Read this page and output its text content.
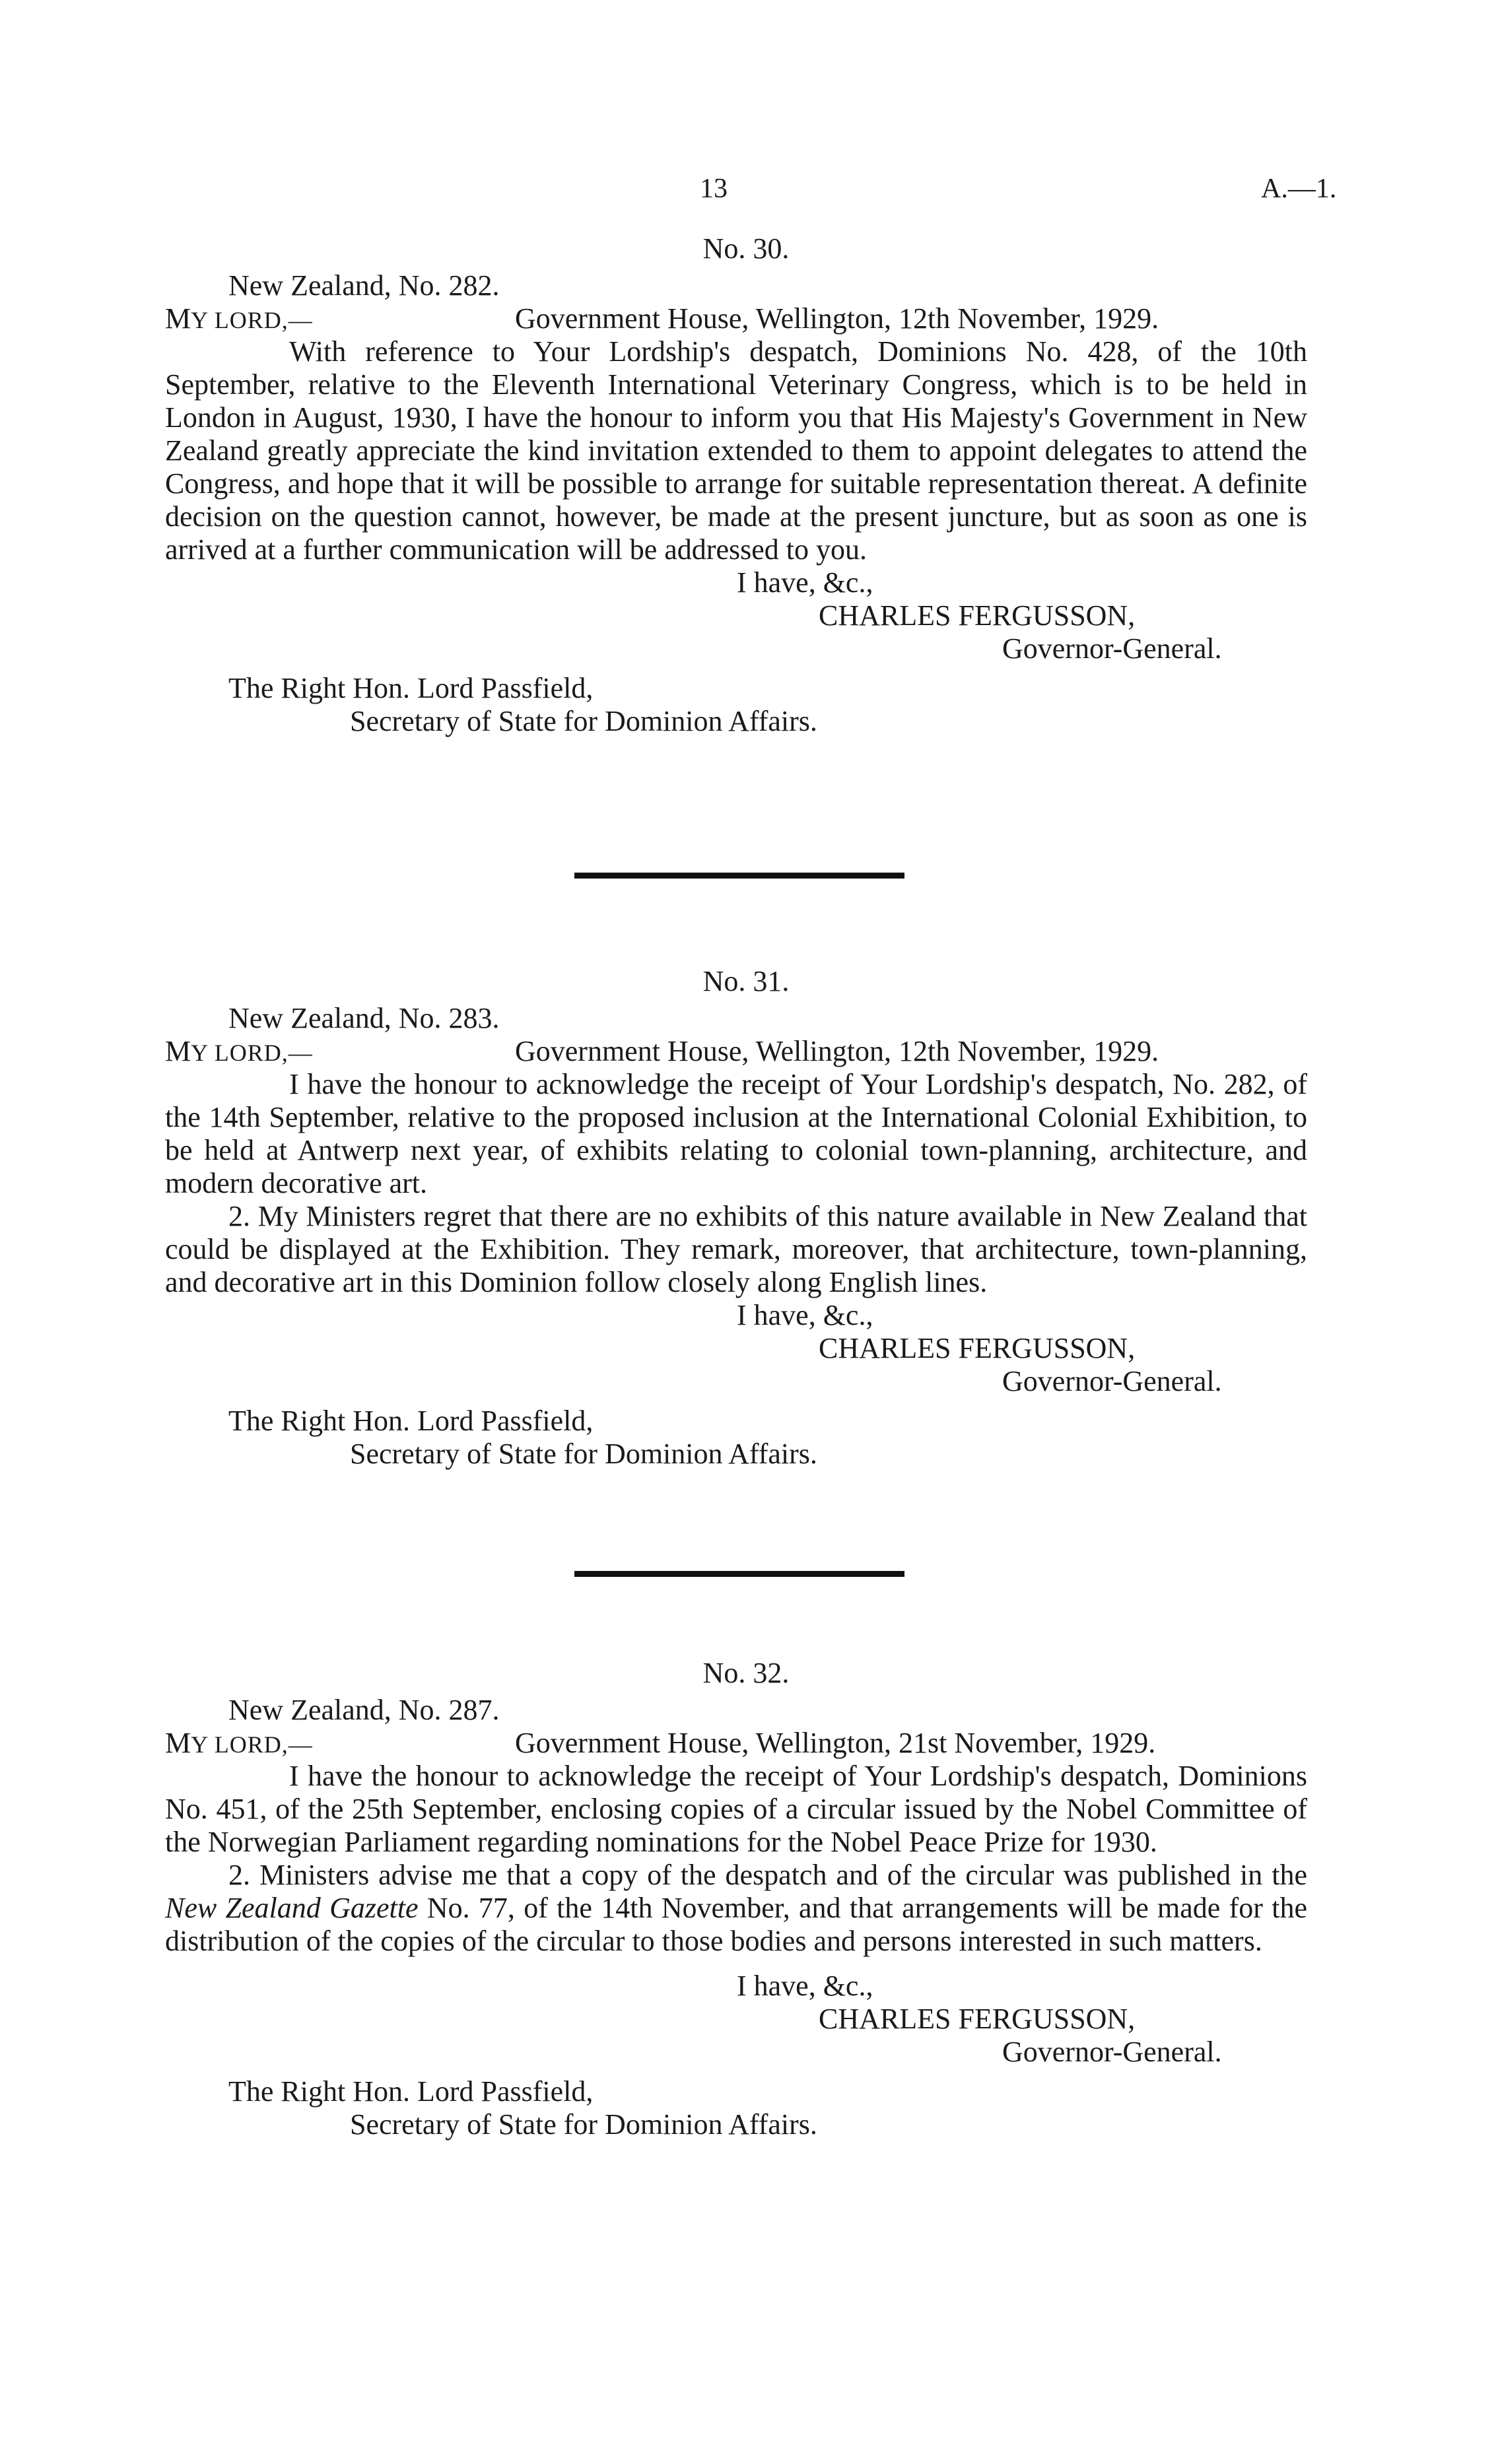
13	A.—1.
No. 30.
New Zealand, No. 282.
MY LORD,—	Government House, Wellington, 12th November, 1929.

With reference to Your Lordship's despatch, Dominions No. 428, of the 10th September, relative to the Eleventh International Veterinary Congress, which is to be held in London in August, 1930, I have the honour to inform you that His Majesty's Government in New Zealand greatly appreciate the kind invitation extended to them to appoint delegates to attend the Congress, and hope that it will be possible to arrange for suitable representation thereat. A definite decision on the question cannot, however, be made at the present juncture, but as soon as one is arrived at a further communication will be addressed to you.

I have, &c.,
CHARLES FERGUSSON,
Governor-General.
The Right Hon. Lord Passfield,
Secretary of State for Dominion Affairs.
No. 31.
New Zealand, No. 283.
MY LORD,—	Government House, Wellington, 12th November, 1929.

I have the honour to acknowledge the receipt of Your Lordship's despatch, No. 282, of the 14th September, relative to the proposed inclusion at the International Colonial Exhibition, to be held at Antwerp next year, of exhibits relating to colonial town-planning, architecture, and modern decorative art.

2. My Ministers regret that there are no exhibits of this nature available in New Zealand that could be displayed at the Exhibition. They remark, moreover, that architecture, town-planning, and decorative art in this Dominion follow closely along English lines.

I have, &c.,
CHARLES FERGUSSON,
Governor-General.
The Right Hon. Lord Passfield,
Secretary of State for Dominion Affairs.
No. 32.
New Zealand, No. 287.
MY LORD,—	Government House, Wellington, 21st November, 1929.

I have the honour to acknowledge the receipt of Your Lordship's despatch, Dominions No. 451, of the 25th September, enclosing copies of a circular issued by the Nobel Committee of the Norwegian Parliament regarding nominations for the Nobel Peace Prize for 1930.

2. Ministers advise me that a copy of the despatch and of the circular was published in the New Zealand Gazette No. 77, of the 14th November, and that arrangements will be made for the distribution of the copies of the circular to those bodies and persons interested in such matters.

I have, &c.,
CHARLES FERGUSSON,
Governor-General.
The Right Hon. Lord Passfield,
Secretary of State for Dominion Affairs.
